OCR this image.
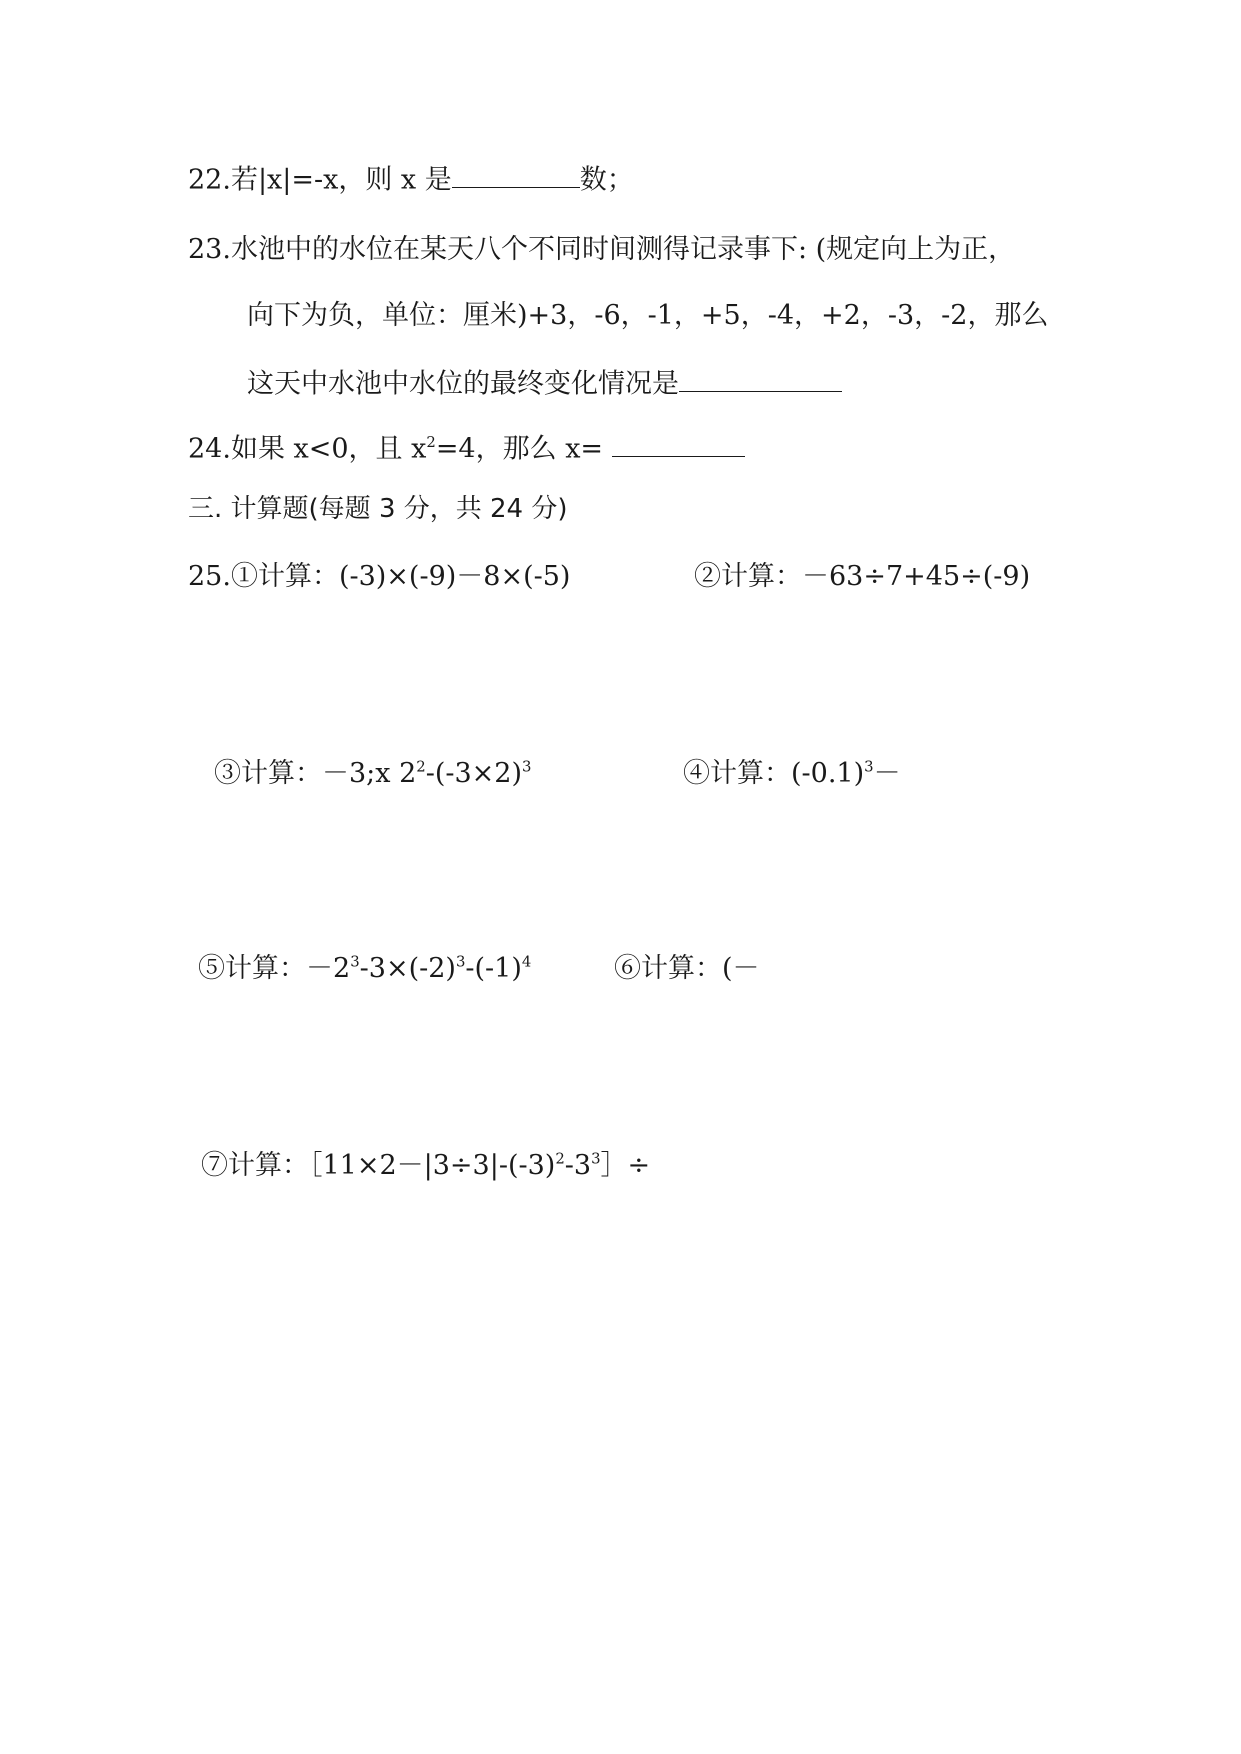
22.若|x|=-x，则 x 是	数；
23.水池中的水位在某天八个不同时间测得记录事下: (规定向上为正，
向下为负，单位：厘米)+3，-6，-1，+5，-4，+2，-3，-2，那么
这天中水池中水位的最终变化情况是
24.如果 x<0，且 $x^2=4$，那么 x=
三. 计算题(每题 3 分，共 24 分)
25.①计算：(-3)×(-9)－8×(-5)	②计算：－63÷7+45÷(-9)
③计算：－3;x $2^2-(-3\times 2)^3$	④计算：$(-0.1)^3-$
⑤计算：$-2^3-3\times(-2)^3-(-1)^4$	⑥计算：(－
⑦计算：$[11\times 2-|3\div 3|-(-3)^2-3^3]\div$
